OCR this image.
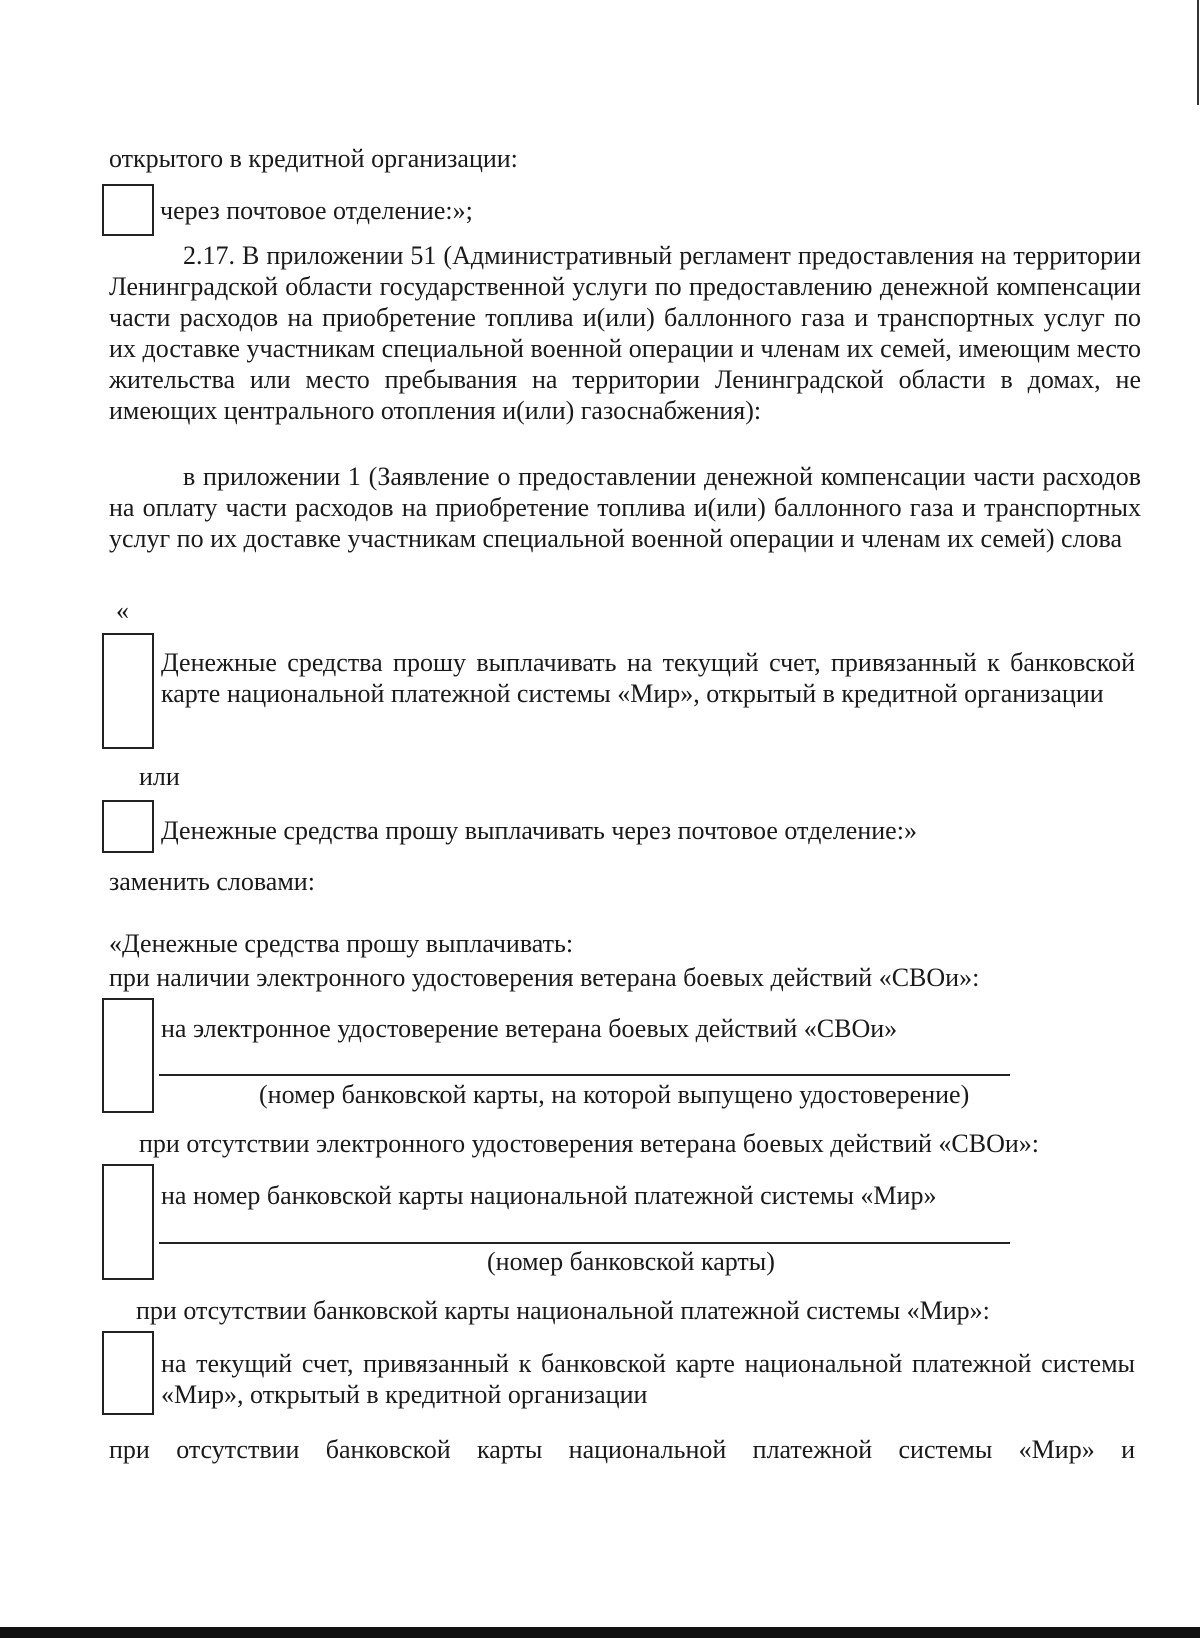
открытого в кредитной организации:
через почтовое отделение:»;
2.17. В приложении 51 (Административный регламент предоставления на территории Ленинградской области государственной услуги по предоставлению денежной компенсации части расходов на приобретение топлива и(или) баллонного газа и транспортных услуг по их доставке участникам специальной военной операции и членам их семей, имеющим место жительства или место пребывания на территории Ленинградской области в домах, не имеющих центрального отопления и(или) газоснабжения):
в приложении 1 (Заявление о предоставлении денежной компенсации части расходов на оплату части расходов на приобретение топлива и(или) баллонного газа и транспортных услуг по их доставке участникам специальной военной операции и членам их семей) слова
«
Денежные средства прошу выплачивать на текущий счет, привязанный к банковской карте национальной платежной системы «Мир», открытый в кредитной организации
или
Денежные средства прошу выплачивать через почтовое отделение:»
заменить словами:
«Денежные средства прошу выплачивать:
при наличии электронного удостоверения ветерана боевых действий «СВОи»:
на электронное удостоверение ветерана боевых действий «СВОи»
(номер банковской карты, на которой выпущено удостоверение)
при отсутствии электронного удостоверения ветерана боевых действий «СВОи»:
на номер банковской карты национальной платежной системы «Мир»
(номер банковской карты)
при отсутствии банковской карты национальной платежной системы «Мир»:
на текущий счет, привязанный к банковской карте национальной платежной системы «Мир», открытый в кредитной организации
при отсутствии банковской карты национальной платежной системы «Мир» и
